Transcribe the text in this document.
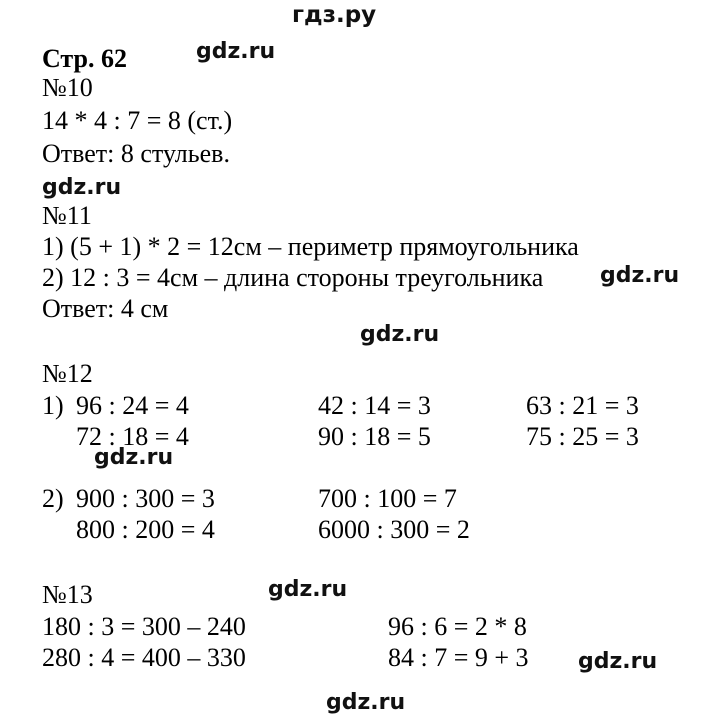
гдз.ру
Стр. 62	gdz.ru
№10
14 * 4 : 7 = 8 (ст.)
Ответ: 8 стульев.
gdz.ru
№11
1) (5 + 1) * 2 = 12см – периметр прямоугольника
2) 12 : 3 = 4см – длина стороны треугольника	gdz.ru
Ответ: 4 см
gdz.ru
№12
1) 96 : 24 = 4	42 : 14 = 3	63 : 21 = 3
72 : 18 = 4	90 : 18 = 5	75 : 25 = 3
gdz.ru
2) 900 : 300 = 3	700 : 100 = 7
800 : 200 = 4	6000 : 300 = 2
№13	gdz.ru
180 : 3 = 300 – 240	96 : 6 = 2 * 8
280 : 4 = 400 – 330	84 : 7 = 9 + 3 gdz.ru
gdz.ru
